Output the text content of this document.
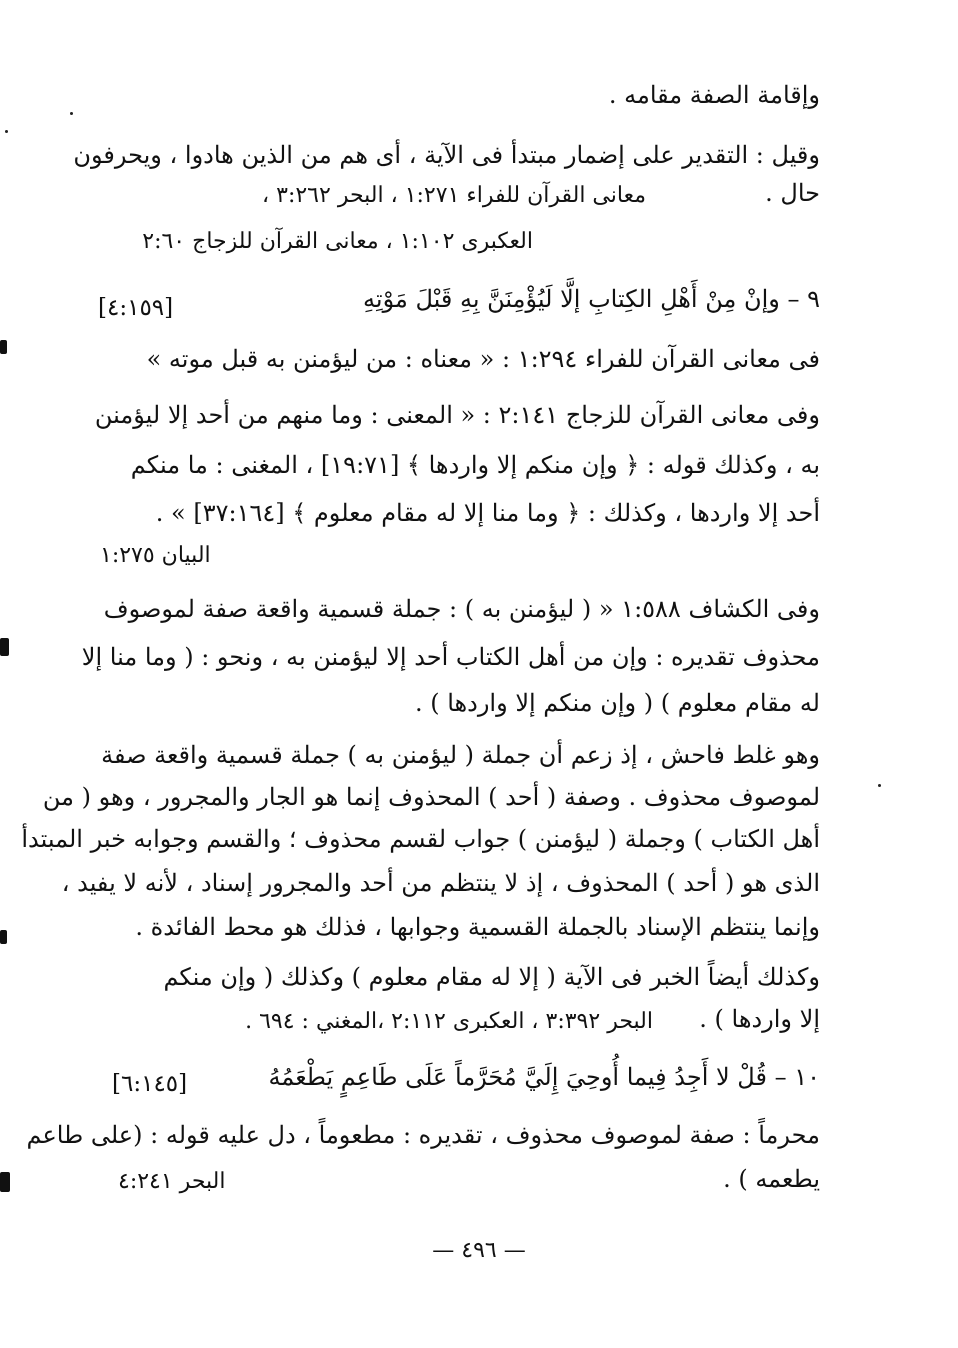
وإقامة الصفة مقامه .
وقيل : التقدير على إضمار مبتدأ فى الآية ، أى هم من الذين هادوا ، ويحرفون
حال .
معانى القرآن للفراء ١:٢٧١ ، البحر ٣:٢٦٢ ،
العكبرى ١:١٠٢ ، معانى القرآن للزجاج ٢:٦٠
٩ – وإنْ مِنْ أَهْلِ الكِتابِ إلَّا لَيُؤْمِنَنَّ بِهِ قَبْلَ مَوْتِهِ
[٤:١٥٩]
فى معانى القرآن للفراء ١:٢٩٤ : « معناه : من ليؤمنن به قبل موته »
وفى معانى القرآن للزجاج ٢:١٤١ : « المعنى : وما منهم من أحد إلا ليؤمنن
به ، وكذلك قوله : ﴿ وإن منكم إلا واردها ﴾ [١٩:٧١] ، المغنى : ما منكم
أحد إلا واردها ، وكذلك : ﴿ وما منا إلا له مقام معلوم ﴾ [٣٧:١٦٤] » .
البيان ١:٢٧٥
وفى الكشاف ١:٥٨٨ « ( ليؤمنن به ) : جملة قسمية واقعة صفة لموصوف
محذوف تقديره : وإن من أهل الكتاب أحد إلا ليؤمنن به ، ونحو : ( وما منا إلا
له مقام معلوم ) ( وإن منكم إلا واردها ) .
وهو غلط فاحش ، إذ زعم أن جملة ( ليؤمنن به ) جملة قسمية واقعة صفة
لموصوف محذوف . وصفة ( أحد ) المحذوف إنما هو الجار والمجرور ، وهو ( من
أهل الكتاب ) وجملة ( ليؤمنن ) جواب لقسم محذوف ؛ والقسم وجوابه خبر المبتدأ
الذى هو ( أحد ) المحذوف ، إذ لا ينتظم من أحد والمجرور إسناد ، لأنه لا يفيد ،
وإنما ينتظم الإسناد بالجملة القسمية وجوابها ، فذلك هو محط الفائدة .
وكذلك أيضاً الخبر فى الآية ( إلا له مقام معلوم ) وكذلك ( وإن منكم
إلا واردها ) .
البحر ٣:٣٩٢ ، العكبرى ٢:١١٢ ،المغني : ٦٩٤ .
١٠ – قُلْ لا أَجِدُ فِيما أُوحِيَ إِلَيَّ مُحَرَّماً عَلَى طَاعِمٍ يَطْعَمُهُ
[٦:١٤٥]
محرماً : صفة لموصوف محذوف ، تقديره : مطعوماً ، دل عليه قوله : (على طاعم
يطعمه ) .
البحر ٤:٢٤١
— ٤٩٦ —
